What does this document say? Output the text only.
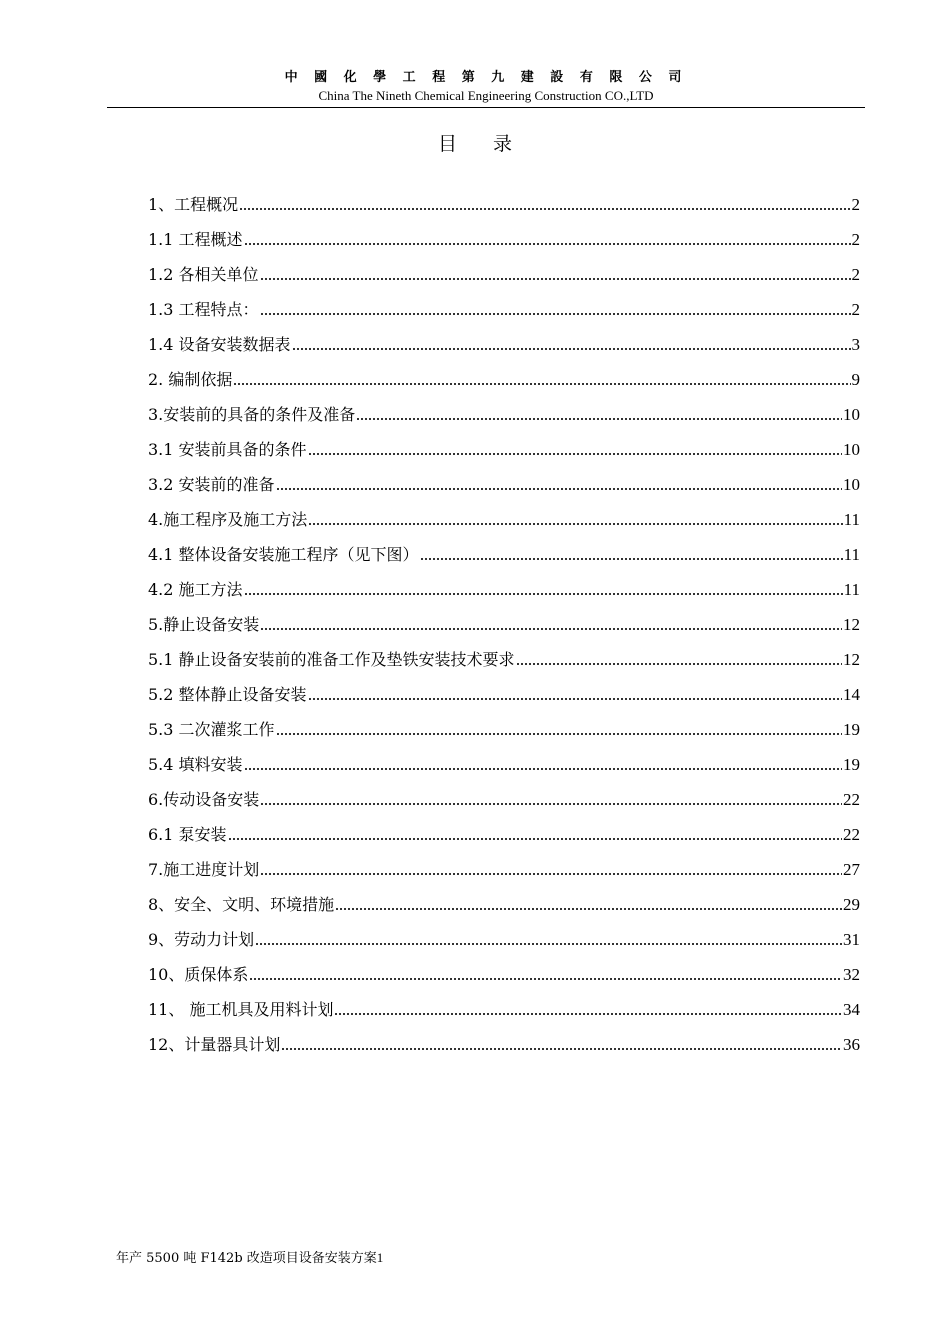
中 國 化 學 工 程 第 九 建 設 有 限 公 司
China The Nineth Chemical Engineering Construction CO.,LTD
目 录
1、工程概况	2
1.1 工程概述	2
1.2 各相关单位	2
1.3 工程特点：	2
1.4 设备安装数据表	3
2. 编制依据	9
3.安装前的具备的条件及准备	10
3.1 安装前具备的条件	10
3.2 安装前的准备	10
4.施工程序及施工方法	11
4.1 整体设备安装施工程序（见下图）	11
4.2 施工方法	11
5.静止设备安装	12
5.1 静止设备安装前的准备工作及垫铁安装技术要求	12
5.2 整体静止设备安装	14
5.3 二次灌浆工作	19
5.4 填料安装	19
6.传动设备安装	22
6.1 泵安装	22
7.施工进度计划	27
8、安全、文明、环境措施	29
9、劳动力计划	31
10、质保体系	32
11、 施工机具及用料计划	34
12、计量器具计划	36
年产 5500 吨 F142b 改造项目设备安装方案1
